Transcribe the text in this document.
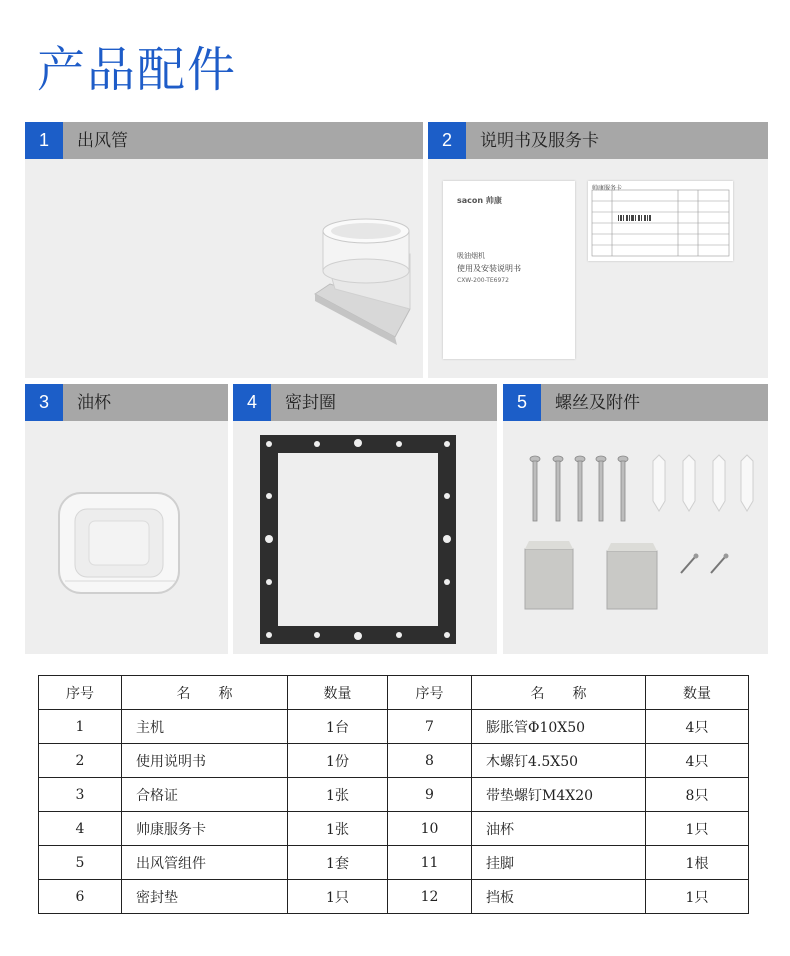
产品配件
1	出风管	2	说明书及服务卡
sacon 帅康
吸油烟机
使用及安装说明书
CXW-200-TE6972
帅康服务卡
3	油杯	4	密封圈	5	螺丝及附件
序号	名　　称	数量	序号	名　　称	数量
1	主机	1台	7	膨胀管Φ10X50	4只
2	使用说明书	1份	8	木螺钉4.5X50	4只
3	合格证	1张	9	带垫螺钉M4X20	8只
4	帅康服务卡	1张	10	油杯	1只
5	出风管组件	1套	11	挂脚	1根
6	密封垫	1只	12	挡板	1只
